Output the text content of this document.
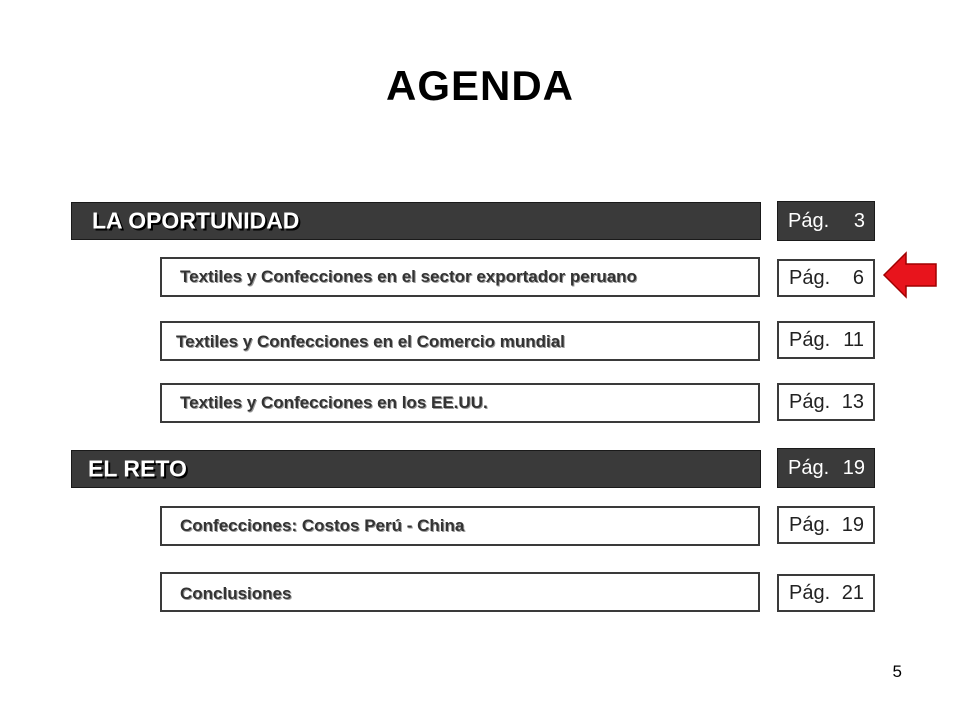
AGENDA
LA OPORTUNIDAD	Pág. 3
Textiles y Confecciones en el sector exportador peruano	Pág. 6
Textiles y Confecciones en el Comercio mundial	Pág. 11
Textiles y Confecciones en los EE.UU.	Pág. 13
EL RETO	Pág. 19
Confecciones: Costos Perú - China	Pág. 19
Conclusiones	Pág. 21
5
